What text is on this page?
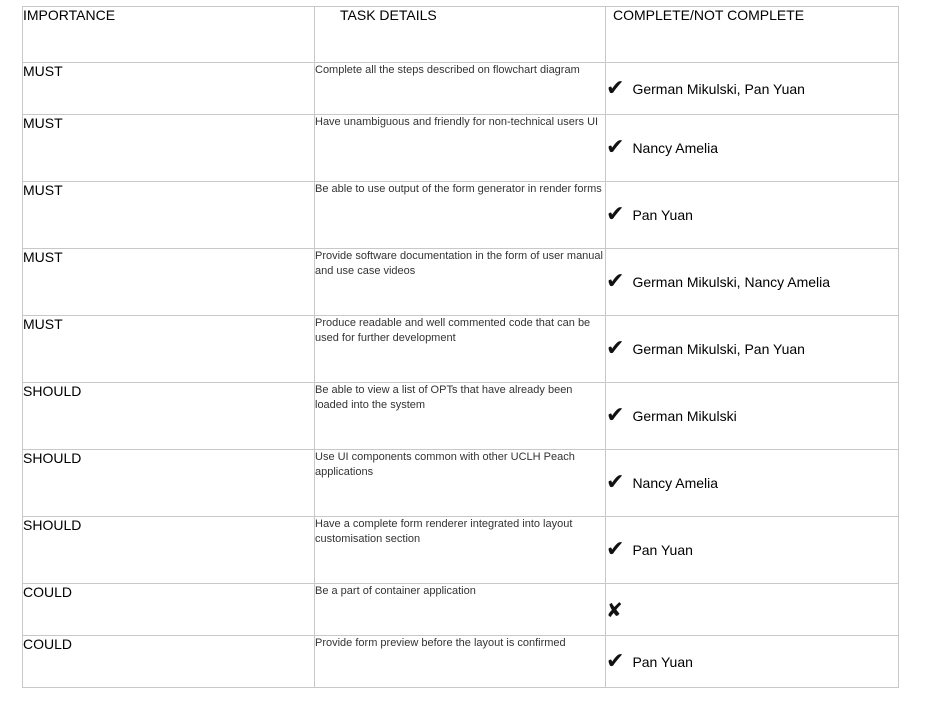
IMPORTANCE	TASK DETAILS	COMPLETE/NOT COMPLETE
MUST	Complete all the steps described on flowchart diagram	✔ German Mikulski, Pan Yuan

MUST	Have unambiguous and friendly for non-technical users UI	✔ Nancy Amelia

MUST	Be able to use output of the form generator in render forms	✔ Pan Yuan

MUST	Provide software documentation in the form of user manual and use case videos	✔ German Mikulski, Nancy Amelia

MUST	Produce readable and well commented code that can be used for further development	✔ German Mikulski, Pan Yuan

SHOULD	Be able to view a list of OPTs that have already been loaded into the system	✔ German Mikulski

SHOULD	Use UI components common with other UCLH Peach applications	✔ Nancy Amelia

SHOULD	Have a complete form renderer integrated into layout customisation section	✔ Pan Yuan

COULD	Be a part of container application	✘

COULD	Provide form preview before the layout is confirmed	✔ Pan Yuan
